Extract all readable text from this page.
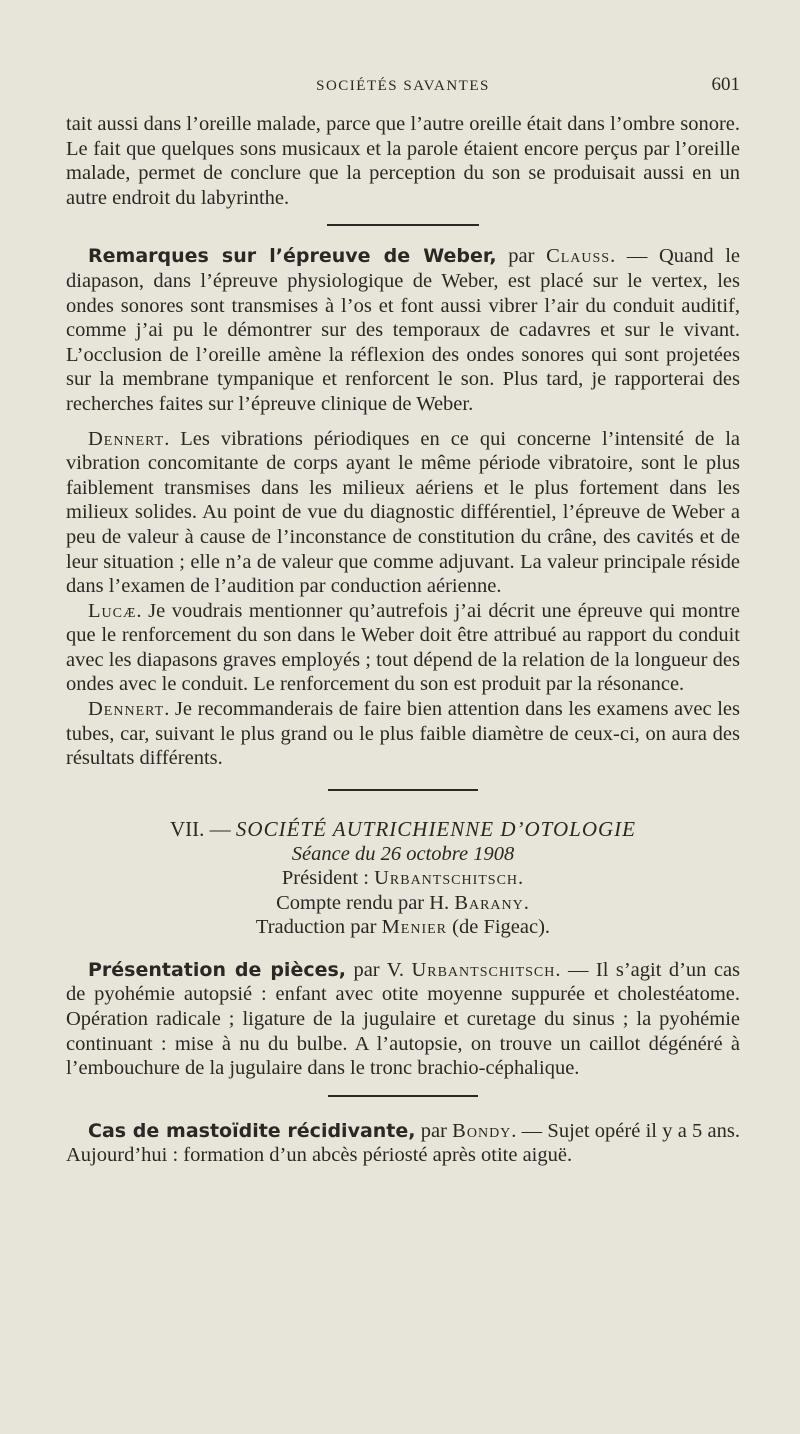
SOCIÉTÉS SAVANTES	601

tait aussi dans l’oreille malade, parce que l’autre oreille était dans l’ombre sonore. Le fait que quelques sons musicaux et la parole étaient encore perçus par l’oreille malade, permet de conclure que la perception du son se produisait aussi en un autre endroit du labyrinthe.

Remarques sur l’épreuve de Weber, par Clauss. — Quand le diapason, dans l’épreuve physiologique de Weber, est placé sur le vertex, les ondes sonores sont transmises à l’os et font aussi vibrer l’air du conduit auditif, comme j’ai pu le démontrer sur des temporaux de cadavres et sur le vivant. L’occlusion de l’oreille amène la réflexion des ondes sonores qui sont projetées sur la membrane tympanique et renforcent le son. Plus tard, je rapporterai des recherches faites sur l’épreuve clinique de Weber.

Dennert. Les vibrations périodiques en ce qui concerne l’intensité de la vibration concomitante de corps ayant le même période vibratoire, sont le plus faiblement transmises dans les milieux aériens et le plus fortement dans les milieux solides. Au point de vue du diagnostic différentiel, l’épreuve de Weber a peu de valeur à cause de l’inconstance de constitution du crâne, des cavités et de leur situation ; elle n’a de valeur que comme adjuvant. La valeur principale réside dans l’examen de l’audition par conduction aérienne.

Lucæ. Je voudrais mentionner qu’autrefois j’ai décrit une épreuve qui montre que le renforcement du son dans le Weber doit être attribué au rapport du conduit avec les diapasons graves employés ; tout dépend de la relation de la longueur des ondes avec le conduit. Le renforcement du son est produit par la résonance.

Dennert. Je recommanderais de faire bien attention dans les examens avec les tubes, car, suivant le plus grand ou le plus faible diamètre de ceux-ci, on aura des résultats différents.

VII. — SOCIÉTÉ AUTRICHIENNE D’OTOLOGIE
Séance du 26 octobre 1908
Président : Urbantschitsch.
Compte rendu par H. Barany.
Traduction par Menier (de Figeac).

Présentation de pièces, par V. Urbantschitsch. — Il s’agit d’un cas de pyohémie autopsié : enfant avec otite moyenne suppurée et cholestéatome. Opération radicale ; ligature de la jugulaire et curetage du sinus ; la pyohémie continuant : mise à nu du bulbe. A l’autopsie, on trouve un caillot dégénéré à l’embouchure de la jugulaire dans le tronc brachio-céphalique.

Cas de mastoïdite récidivante, par Bondy. — Sujet opéré il y a 5 ans. Aujourd’hui : formation d’un abcès périosté après otite aiguë.
